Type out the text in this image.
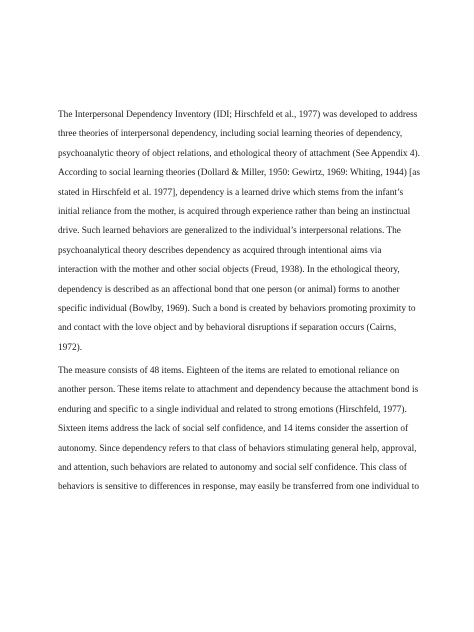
The Interpersonal Dependency Inventory (IDI; Hirschfeld et al., 1977) was developed to address
three theories of interpersonal dependency, including social learning theories of dependency,
psychoanalytic theory of object relations, and ethological theory of attachment (See Appendix 4).
According to social learning theories (Dollard & Miller, 1950: Gewirtz, 1969: Whiting, 1944) [as
stated in Hirschfeld et al. 1977], dependency is a learned drive which stems from the infant’s
initial reliance from the mother, is acquired through experience rather than being an instinctual
drive. Such learned behaviors are generalized to the individual’s interpersonal relations. The
psychoanalytical theory describes dependency as acquired through intentional aims via
interaction with the mother and other social objects (Freud, 1938). In the ethological theory,
dependency is described as an affectional bond that one person (or animal) forms to another
specific individual (Bowlby, 1969). Such a bond is created by behaviors promoting proximity to
and contact with the love object and by behavioral disruptions if separation occurs (Cairns,
1972).
The measure consists of 48 items. Eighteen of the items are related to emotional reliance on
another person. These items relate to attachment and dependency because the attachment bond is
enduring and specific to a single individual and related to strong emotions (Hirschfeld, 1977).
Sixteen items address the lack of social self confidence, and 14 items consider the assertion of
autonomy. Since dependency refers to that class of behaviors stimulating general help, approval,
and attention, such behaviors are related to autonomy and social self confidence. This class of
behaviors is sensitive to differences in response, may easily be transferred from one individual to
